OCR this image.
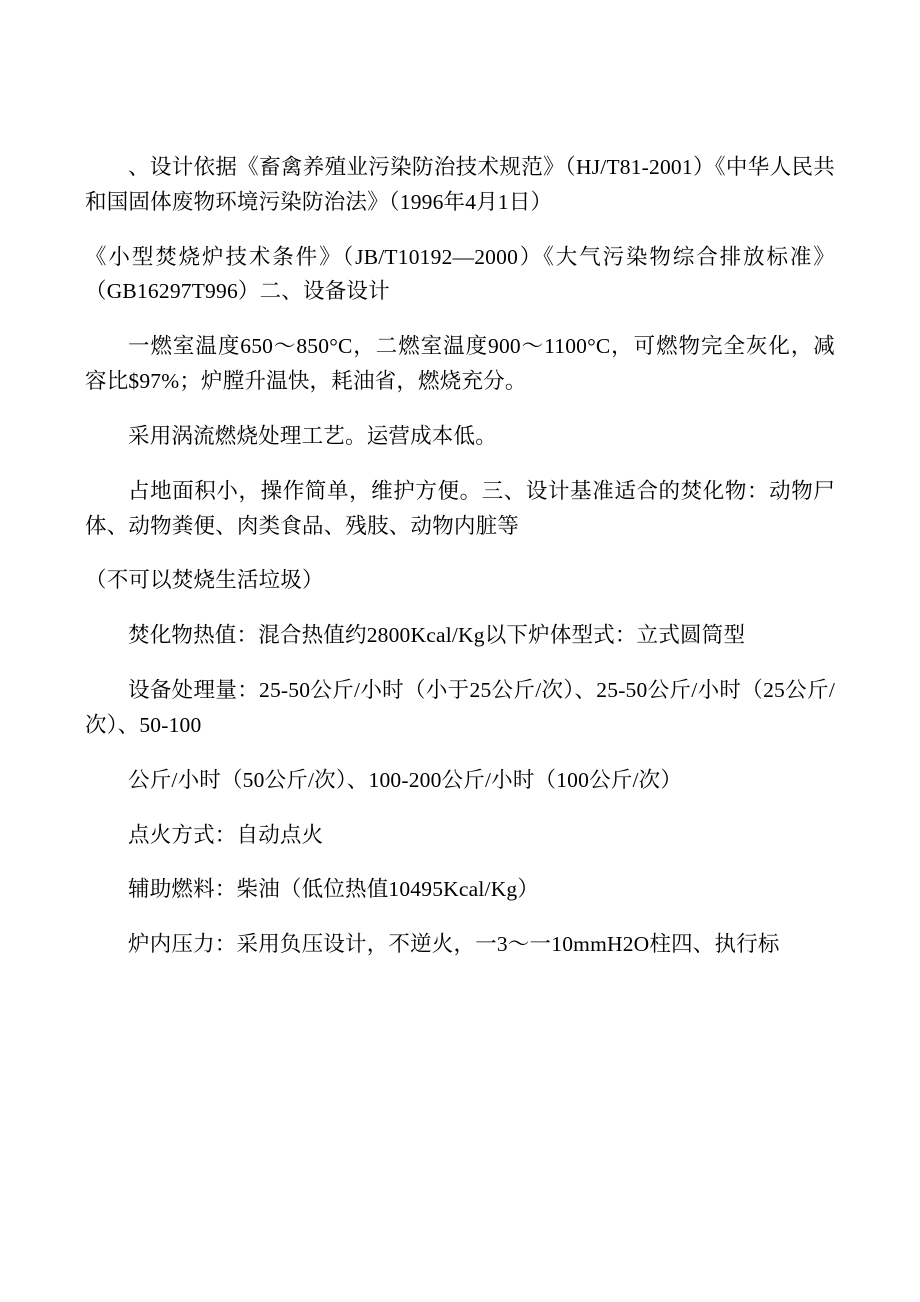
、设计依据《畜禽养殖业污染防治技术规范》（HJ/T81-2001）《中华人民共和国固体废物环境污染防治法》（1996年4月1日）

《小型焚烧炉技术条件》（JB/T10192—2000）《大气污染物综合排放标准》（GB16297T996）二、设备设计

一燃室温度650〜850°C，二燃室温度900〜1100°C，可燃物完全灰化，减容比$97%；炉膛升温快，耗油省，燃烧充分。

采用涡流燃烧处理工艺。运营成本低。

占地面积小，操作简单，维护方便。三、设计基准适合的焚化物：动物尸体、动物粪便、肉类食品、残肢、动物内脏等

（不可以焚烧生活垃圾）

焚化物热值：混合热值约2800Kcal/Kg以下炉体型式：立式圆筒型

设备处理量：25-50公斤/小时（小于25公斤/次）、25-50公斤/小时（25公斤/次）、50-100

公斤/小时（50公斤/次）、100-200公斤/小时（100公斤/次）

点火方式：自动点火

辅助燃料：柴油（低位热值10495Kcal/Kg）

炉内压力：采用负压设计，不逆火，一3〜一10mmH2O柱四、执行标
